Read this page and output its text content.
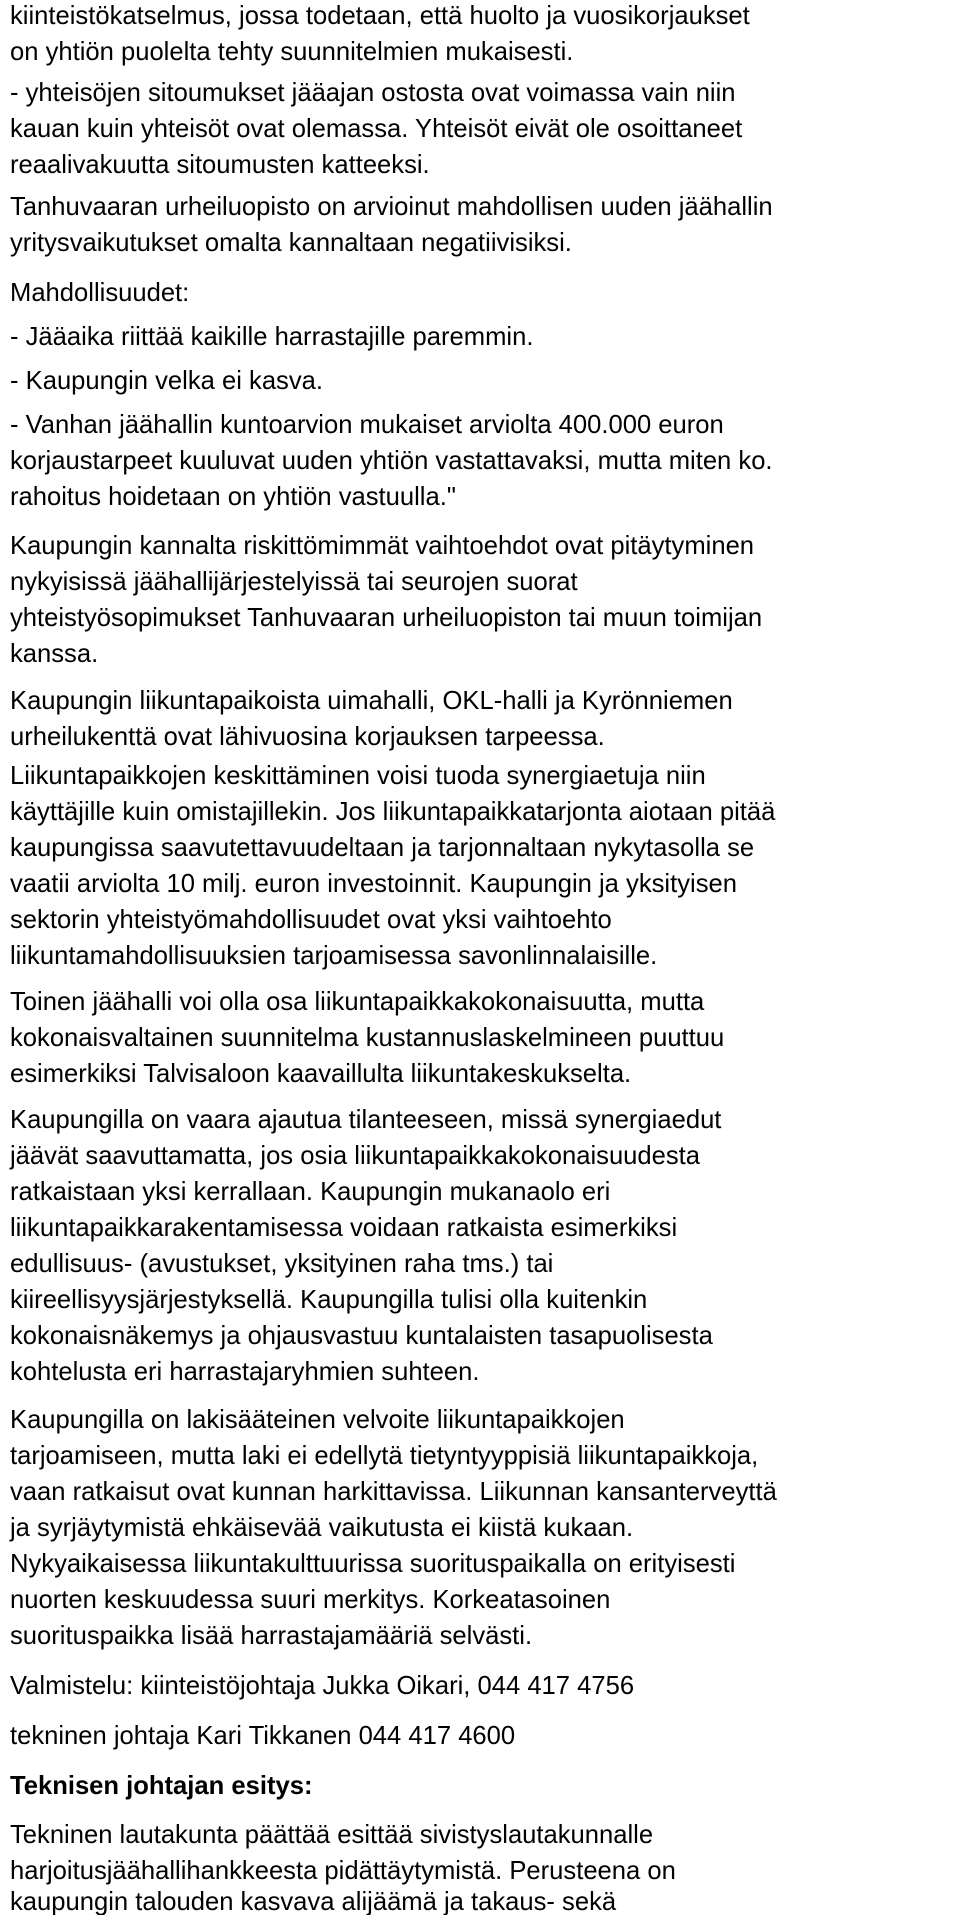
kiinteistökatselmus, jossa todetaan, että huolto ja vuosikorjaukset
on yhtiön puolelta tehty suunnitelmien mukaisesti.
- yhteisöjen sitoumukset jääajan ostosta ovat voimassa vain niin
kauan kuin yhteisöt ovat olemassa. Yhteisöt eivät ole osoittaneet
reaalivakuutta sitoumusten katteeksi.
Tanhuvaaran urheiluopisto on arvioinut mahdollisen uuden jäähallin
yritysvaikutukset omalta kannaltaan negatiivisiksi.
Mahdollisuudet:
- Jääaika riittää kaikille harrastajille paremmin.
- Kaupungin velka ei kasva.
- Vanhan jäähallin kuntoarvion mukaiset arviolta 400.000 euron
korjaustarpeet kuuluvat uuden yhtiön vastattavaksi, mutta miten ko.
rahoitus hoidetaan on yhtiön vastuulla."
Kaupungin kannalta riskittömimmät vaihtoehdot ovat pitäytyminen
nykyisissä jäähallijärjestelyissä tai seurojen suorat
yhteistyösopimukset Tanhuvaaran urheiluopiston tai muun toimijan
kanssa.
Kaupungin liikuntapaikoista uimahalli, OKL-halli ja Kyrönniemen
urheilukenttä ovat lähivuosina korjauksen tarpeessa.
Liikuntapaikkojen keskittäminen voisi tuoda synergiaetuja niin
käyttäjille kuin omistajillekin. Jos liikuntapaikkatarjonta aiotaan pitää
kaupungissa saavutettavuudeltaan ja tarjonnaltaan nykytasolla se
vaatii arviolta 10 milj. euron investoinnit. Kaupungin ja yksityisen
sektorin yhteistyömahdollisuudet ovat yksi vaihtoehto
liikuntamahdollisuuksien tarjoamisessa savonlinnalaisille.
Toinen jäähalli voi olla osa liikuntapaikkakokonaisuutta, mutta
kokonaisvaltainen suunnitelma kustannuslaskelmineen puuttuu
esimerkiksi Talvisaloon kaavaillulta liikuntakeskukselta.
Kaupungilla on vaara ajautua tilanteeseen, missä synergiaedut
jäävät saavuttamatta, jos osia liikuntapaikkakokonaisuudesta
ratkaistaan yksi kerrallaan. Kaupungin mukanaolo eri
liikuntapaikkarakentamisessa voidaan ratkaista esimerkiksi
edullisuus- (avustukset, yksityinen raha tms.) tai
kiireellisyysjärjestyksellä. Kaupungilla tulisi olla kuitenkin
kokonaisnäkemys ja ohjausvastuu kuntalaisten tasapuolisesta
kohtelusta eri harrastajaryhmien suhteen.
Kaupungilla on lakisääteinen velvoite liikuntapaikkojen
tarjoamiseen, mutta laki ei edellytä tietyntyyppisiä liikuntapaikkoja,
vaan ratkaisut ovat kunnan harkittavissa. Liikunnan kansanterveyttä
ja syrjäytymistä ehkäisevää vaikutusta ei kiistä kukaan.
Nykyaikaisessa liikuntakulttuurissa suorituspaikalla on erityisesti
nuorten keskuudessa suuri merkitys. Korkeatasoinen
suorituspaikka lisää harrastajamääriä selvästi.
Valmistelu: kiinteistöjohtaja Jukka Oikari, 044 417 4756
tekninen johtaja Kari Tikkanen 044 417 4600
Teknisen johtajan esitys:
Tekninen lautakunta päättää esittää sivistyslautakunnalle
harjoitusjäähallihankkeesta pidättäytymistä. Perusteena on
kaupungin talouden kasvava alijäämä ja takaus- sekä
